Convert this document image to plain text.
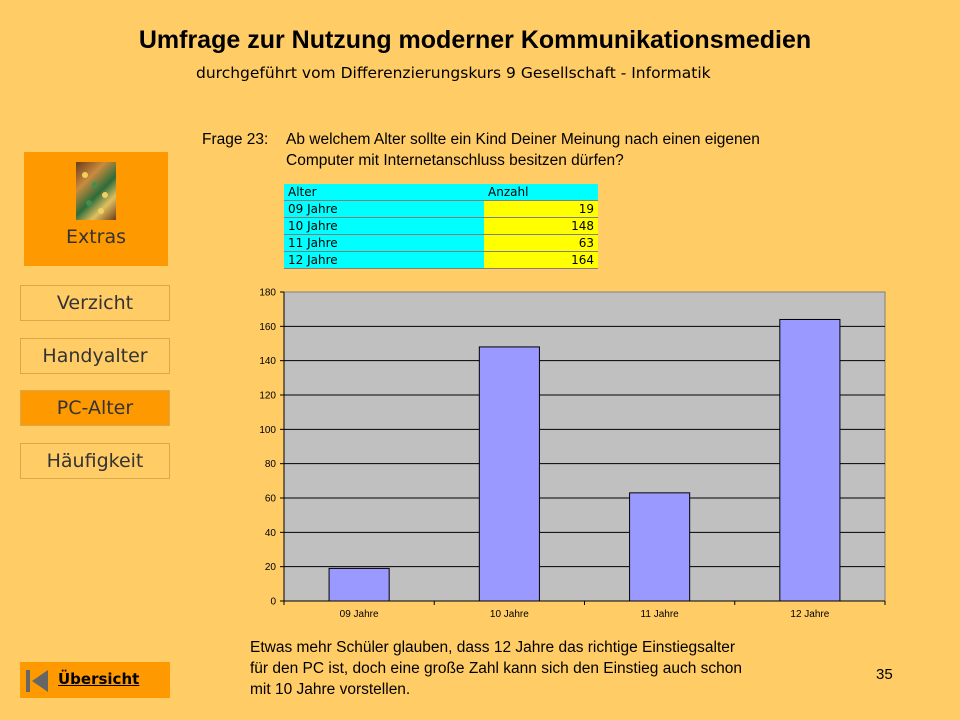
Umfrage zur Nutzung moderner Kommunikationsmedien
durchgeführt vom Differenzierungskurs 9 Gesellschaft - Informatik
Frage 23: Ab welchem Alter sollte ein Kind Deiner Meinung nach einen eigenen
Computer mit Internetanschluss besitzen dürfen?
Alter	Anzahl
09 Jahre	19
10 Jahre	148
11 Jahre	63
12 Jahre	164
Extras
Verzicht
Handyalter
PC-Alter
Häufigkeit
0
20
40
60
80
100
120
140
160
180
09 Jahre	10 Jahre	11 Jahre	12 Jahre
Etwas mehr Schüler glauben, dass 12 Jahre das richtige Einstiegsalter
für den PC ist, doch eine große Zahl kann sich den Einstieg auch schon
mit 10 Jahre vorstellen.
35
Übersicht
